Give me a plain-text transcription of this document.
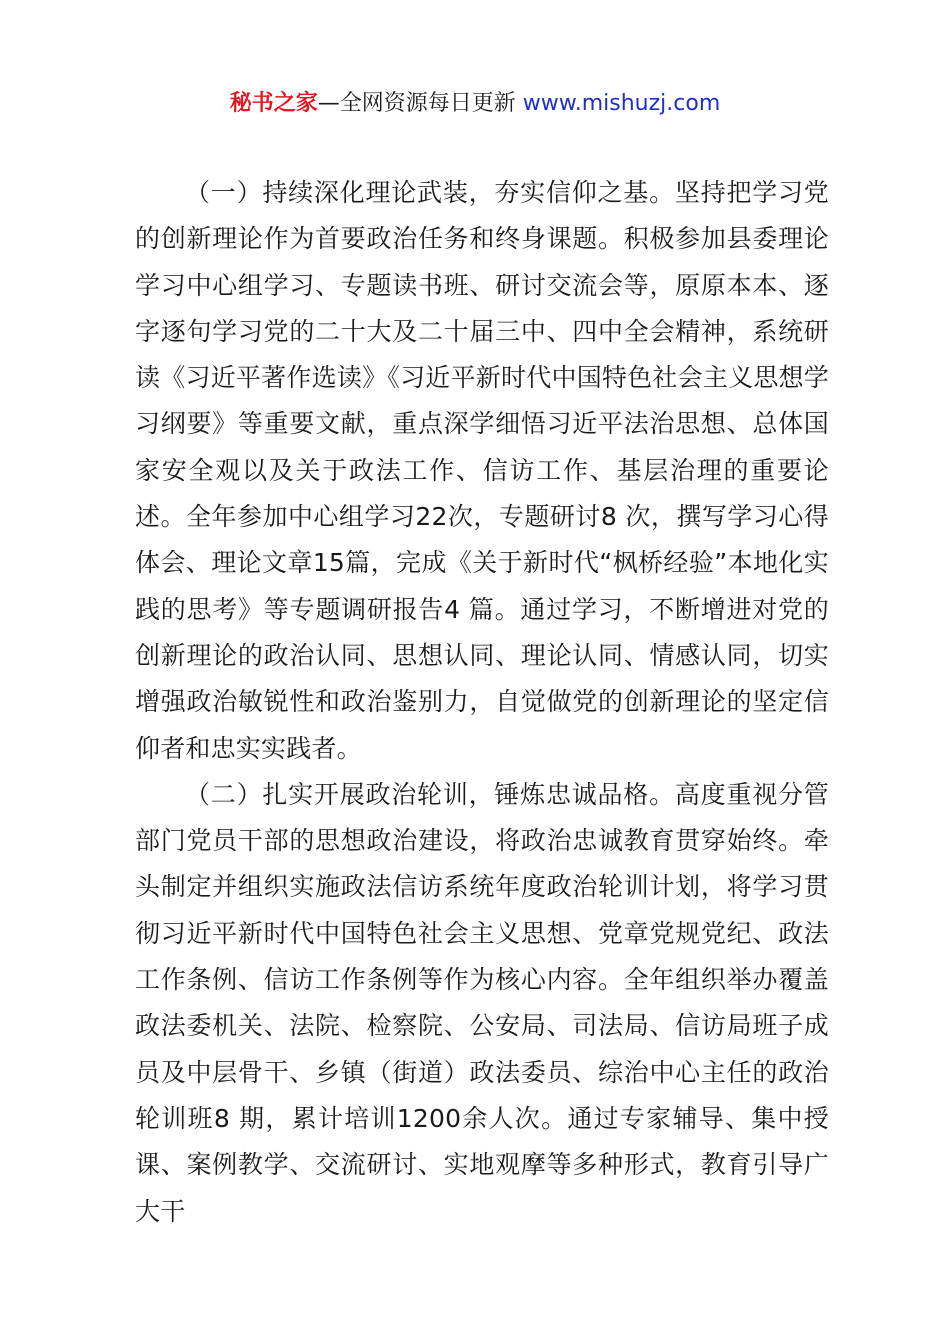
秘书之家—全网资源每日更新 www.mishuzj.com

（一）持续深化理论武装，夯实信仰之基。坚持把学习党的创新理论作为首要政治任务和终身课题。积极参加县委理论学习中心组学习、专题读书班、研讨交流会等，原原本本、逐字逐句学习党的二十大及二十届三中、四中全会精神，系统研读《习近平著作选读》《习近平新时代中国特色社会主义思想学习纲要》等重要文献，重点深学细悟习近平法治思想、总体国家安全观以及关于政法工作、信访工作、基层治理的重要论述。全年参加中心组学习22次，专题研讨8 次，撰写学习心得体会、理论文章15篇，完成《关于新时代“枫桥经验”本地化实践的思考》等专题调研报告4 篇。通过学习，不断增进对党的创新理论的政治认同、思想认同、理论认同、情感认同，切实增强政治敏锐性和政治鉴别力，自觉做党的创新理论的坚定信仰者和忠实实践者。

（二）扎实开展政治轮训，锤炼忠诚品格。高度重视分管部门党员干部的思想政治建设，将政治忠诚教育贯穿始终。牵头制定并组织实施政法信访系统年度政治轮训计划，将学习贯彻习近平新时代中国特色社会主义思想、党章党规党纪、政法工作条例、信访工作条例等作为核心内容。全年组织举办覆盖政法委机关、法院、检察院、公安局、司法局、信访局班子成员及中层骨干、乡镇（街道）政法委员、综治中心主任的政治轮训班8 期，累计培训1200余人次。通过专家辅导、集中授课、案例教学、交流研讨、实地观摩等多种形式，教育引导广大干
